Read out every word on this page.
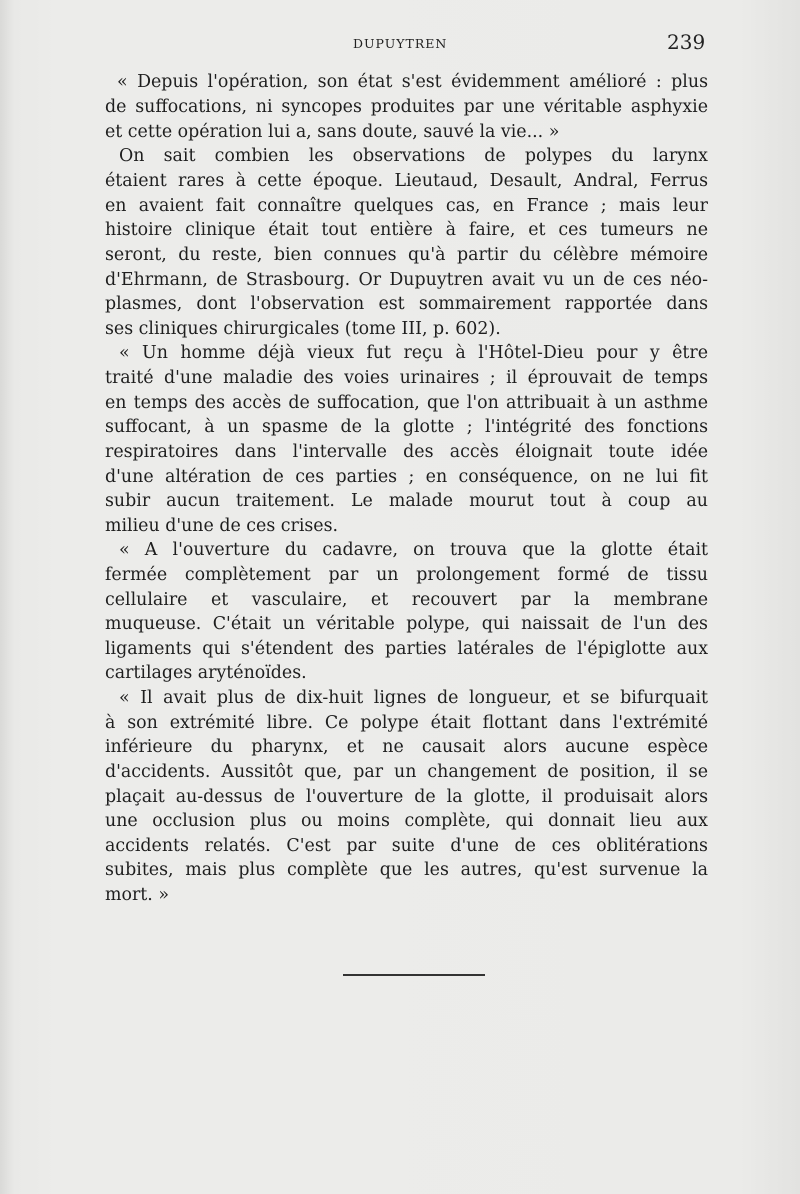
DUPUYTREN	239
« Depuis l'opération, son état s'est évidemment amélioré : plus
de suffocations, ni syncopes produites par une véritable asphyxie
et cette opération lui a, sans doute, sauvé la vie... »
On sait combien les observations de polypes du larynx
étaient rares à cette époque. Lieutaud, Desault, Andral, Ferrus
en avaient fait connaître quelques cas, en France ; mais leur
histoire clinique était tout entière à faire, et ces tumeurs ne
seront, du reste, bien connues qu'à partir du célèbre mémoire
d'Ehrmann, de Strasbourg. Or Dupuytren avait vu un de ces néo-
plasmes, dont l'observation est sommairement rapportée dans
ses cliniques chirurgicales (tome III, p. 602).
« Un homme déjà vieux fut reçu à l'Hôtel-Dieu pour y être
traité d'une maladie des voies urinaires ; il éprouvait de temps
en temps des accès de suffocation, que l'on attribuait à un asthme
suffocant, à un spasme de la glotte ; l'intégrité des fonctions
respiratoires dans l'intervalle des accès éloignait toute idée
d'une altération de ces parties ; en conséquence, on ne lui fit
subir aucun traitement. Le malade mourut tout à coup au
milieu d'une de ces crises.
« A l'ouverture du cadavre, on trouva que la glotte était
fermée complètement par un prolongement formé de tissu
cellulaire et vasculaire, et recouvert par la membrane
muqueuse. C'était un véritable polype, qui naissait de l'un des
ligaments qui s'étendent des parties latérales de l'épiglotte aux
cartilages aryténoïdes.
« Il avait plus de dix-huit lignes de longueur, et se bifurquait
à son extrémité libre. Ce polype était flottant dans l'extrémité
inférieure du pharynx, et ne causait alors aucune espèce
d'accidents. Aussitôt que, par un changement de position, il se
plaçait au-dessus de l'ouverture de la glotte, il produisait alors
une occlusion plus ou moins complète, qui donnait lieu aux
accidents relatés. C'est par suite d'une de ces oblitérations
subites, mais plus complète que les autres, qu'est survenue la
mort. »
